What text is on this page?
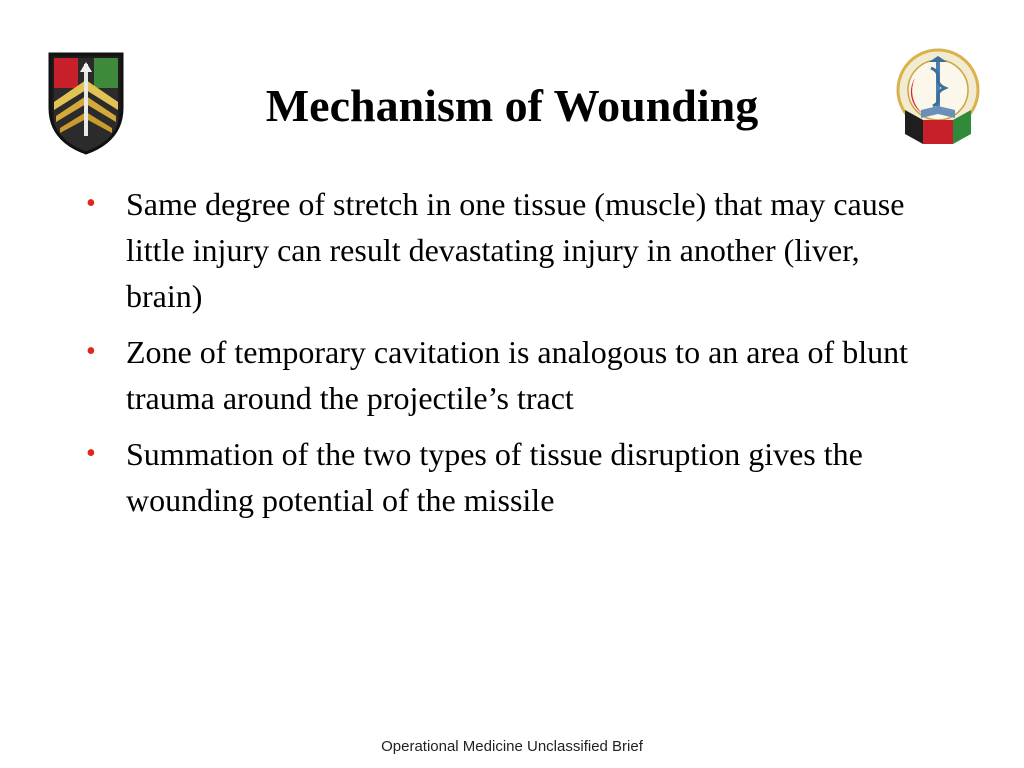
Mechanism of Wounding
• Same degree of stretch in one tissue (muscle) that may cause little injury can result devastating injury in another (liver, brain)
• Zone of temporary cavitation is analogous to an area of blunt trauma around the projectile’s tract
• Summation of the two types of tissue disruption gives the wounding potential of the missile
Operational Medicine Unclassified Brief
